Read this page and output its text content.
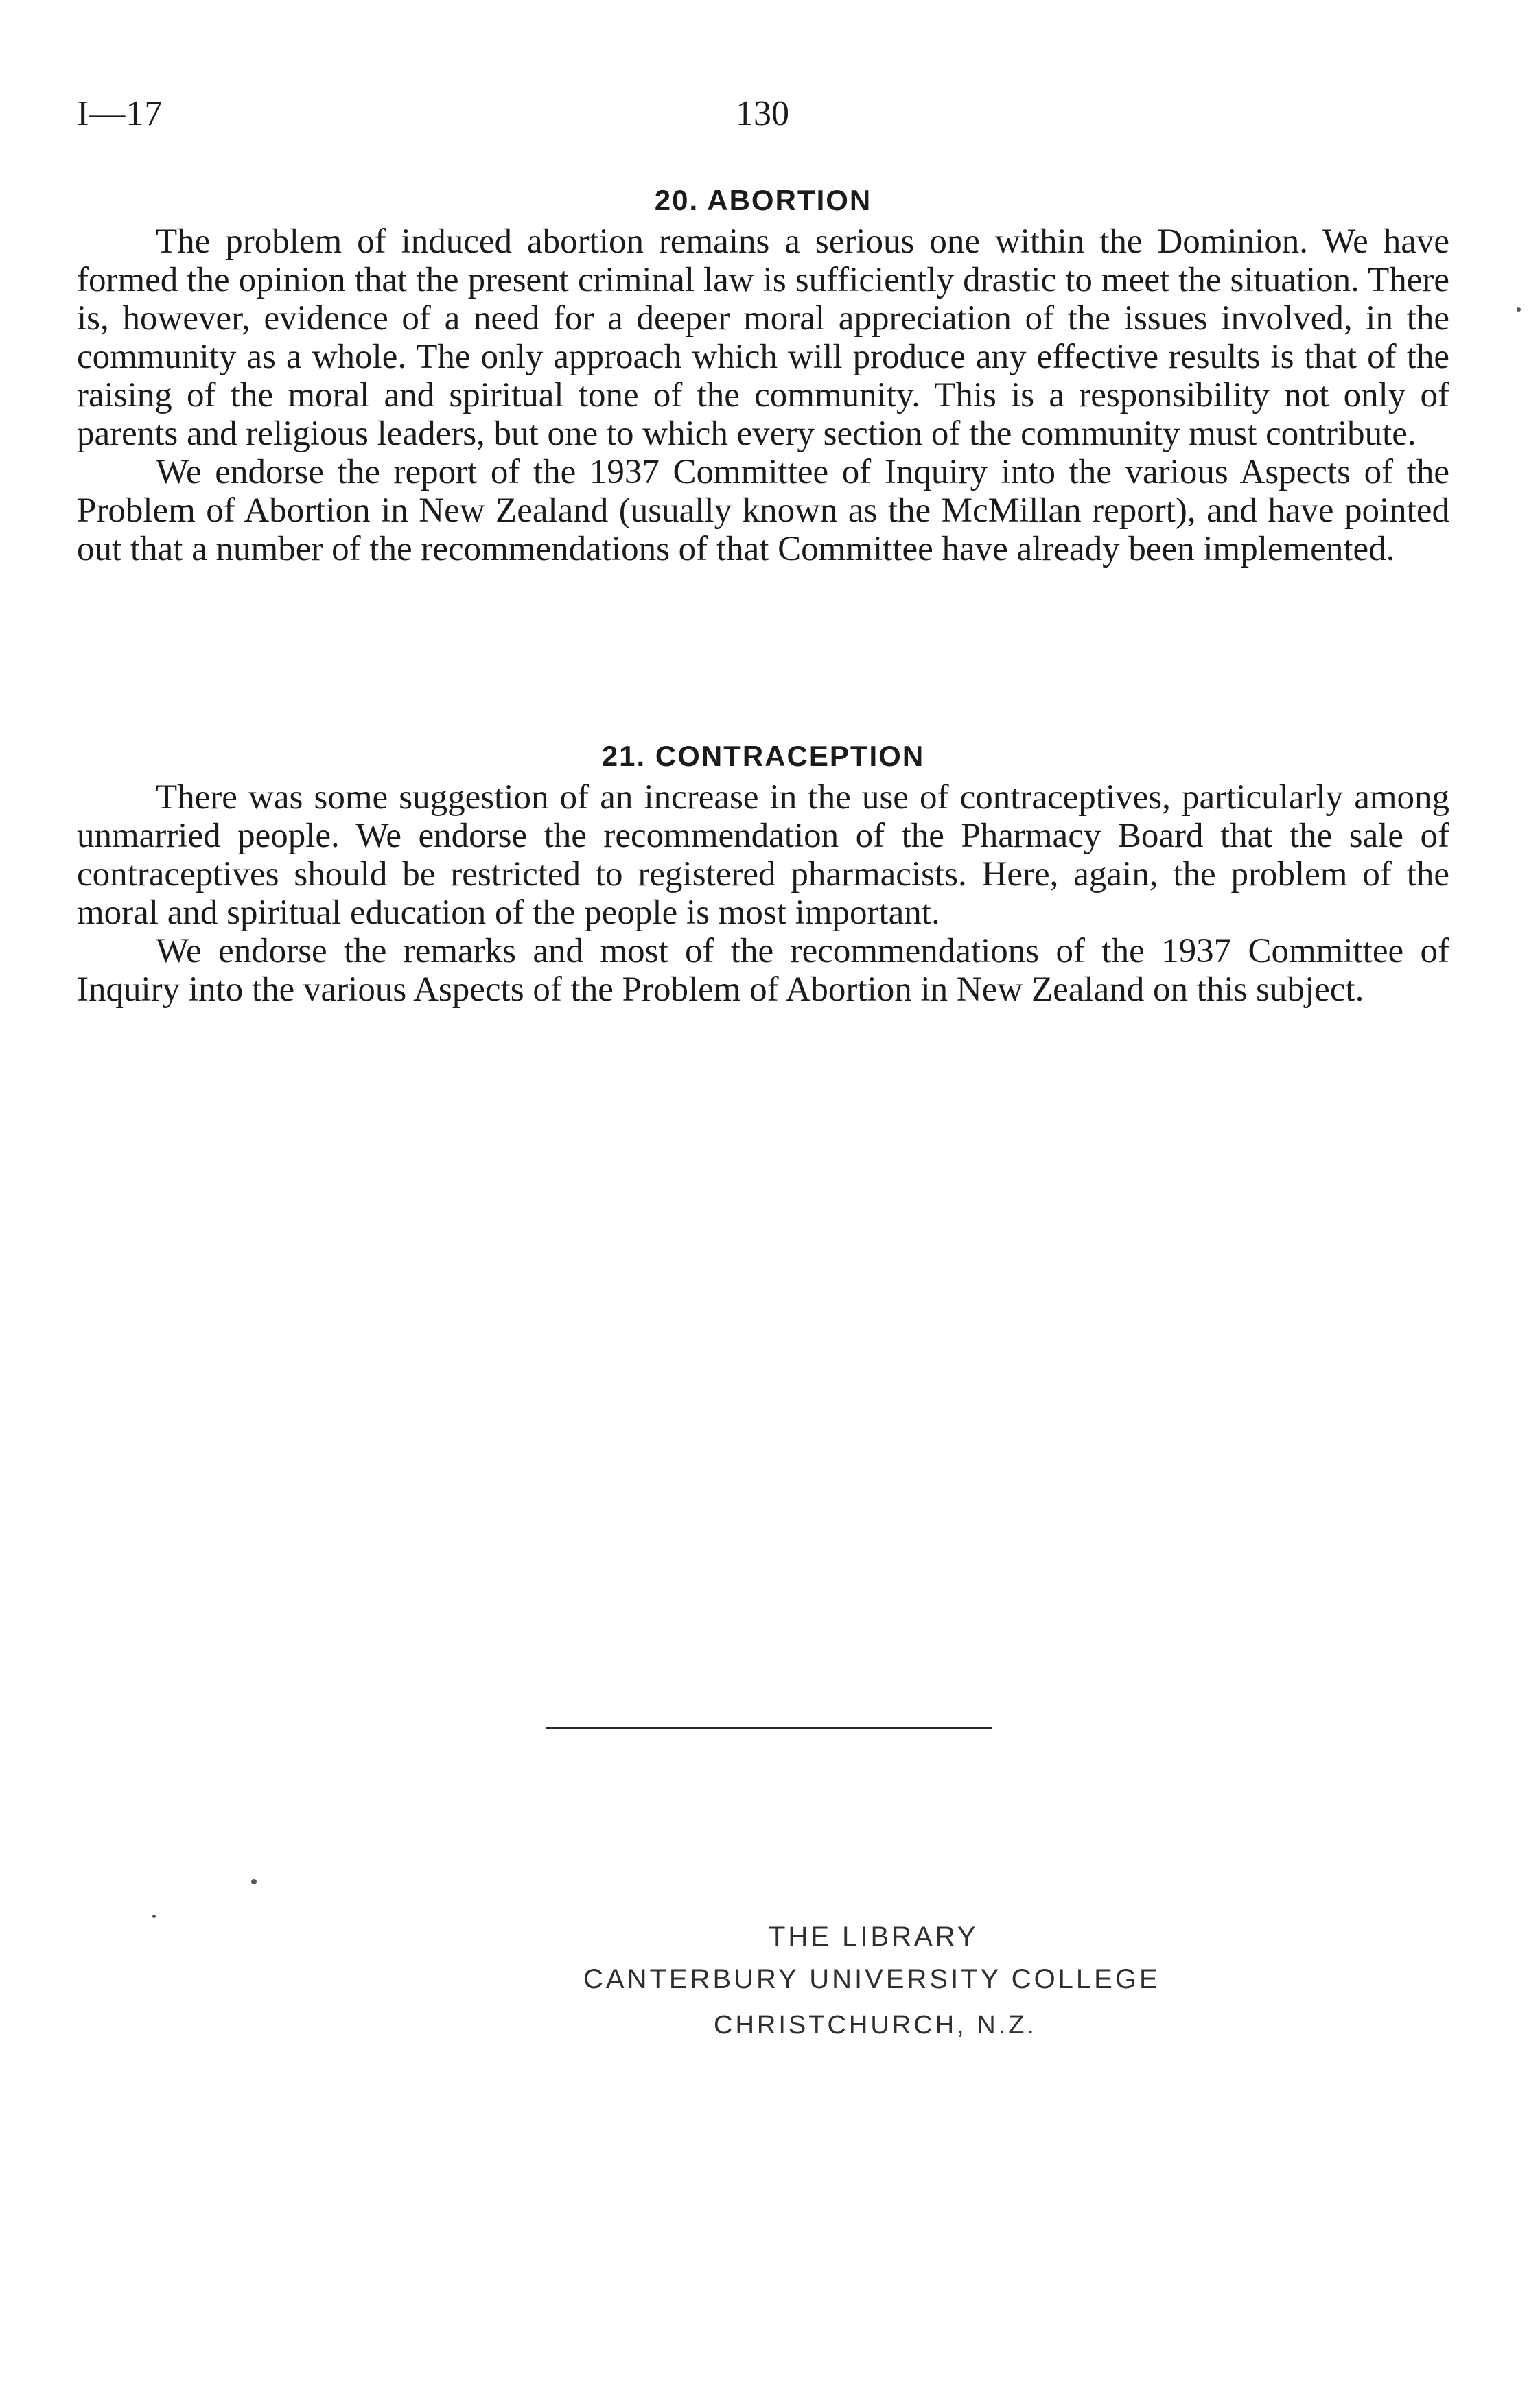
I—17	130
20. ABORTION

The problem of induced abortion remains a serious one within the Dominion. We have formed the opinion that the present criminal law is sufficiently drastic to meet the situation. There is, however, evidence of a need for a deeper moral appreciation of the issues involved, in the community as a whole. The only approach which will produce any effective results is that of the raising of the moral and spiritual tone of the community. This is a responsibility not only of parents and religious leaders, but one to which every section of the community must contribute.

We endorse the report of the 1937 Committee of Inquiry into the various Aspects of the Problem of Abortion in New Zealand (usually known as the McMillan report), and have pointed out that a number of the recommendations of that Committee have already been implemented.

21. CONTRACEPTION

There was some suggestion of an increase in the use of contraceptives, particularly among unmarried people. We endorse the recommendation of the Pharmacy Board that the sale of contraceptives should be restricted to registered pharmacists. Here, again, the problem of the moral and spiritual education of the people is most important.

We endorse the remarks and most of the recommendations of the 1937 Committee of Inquiry into the various Aspects of the Problem of Abortion in New Zealand on this subject.

THE LIBRARY
CANTERBURY UNIVERSITY COLLEGE
CHRISTCHURCH, N.Z.
